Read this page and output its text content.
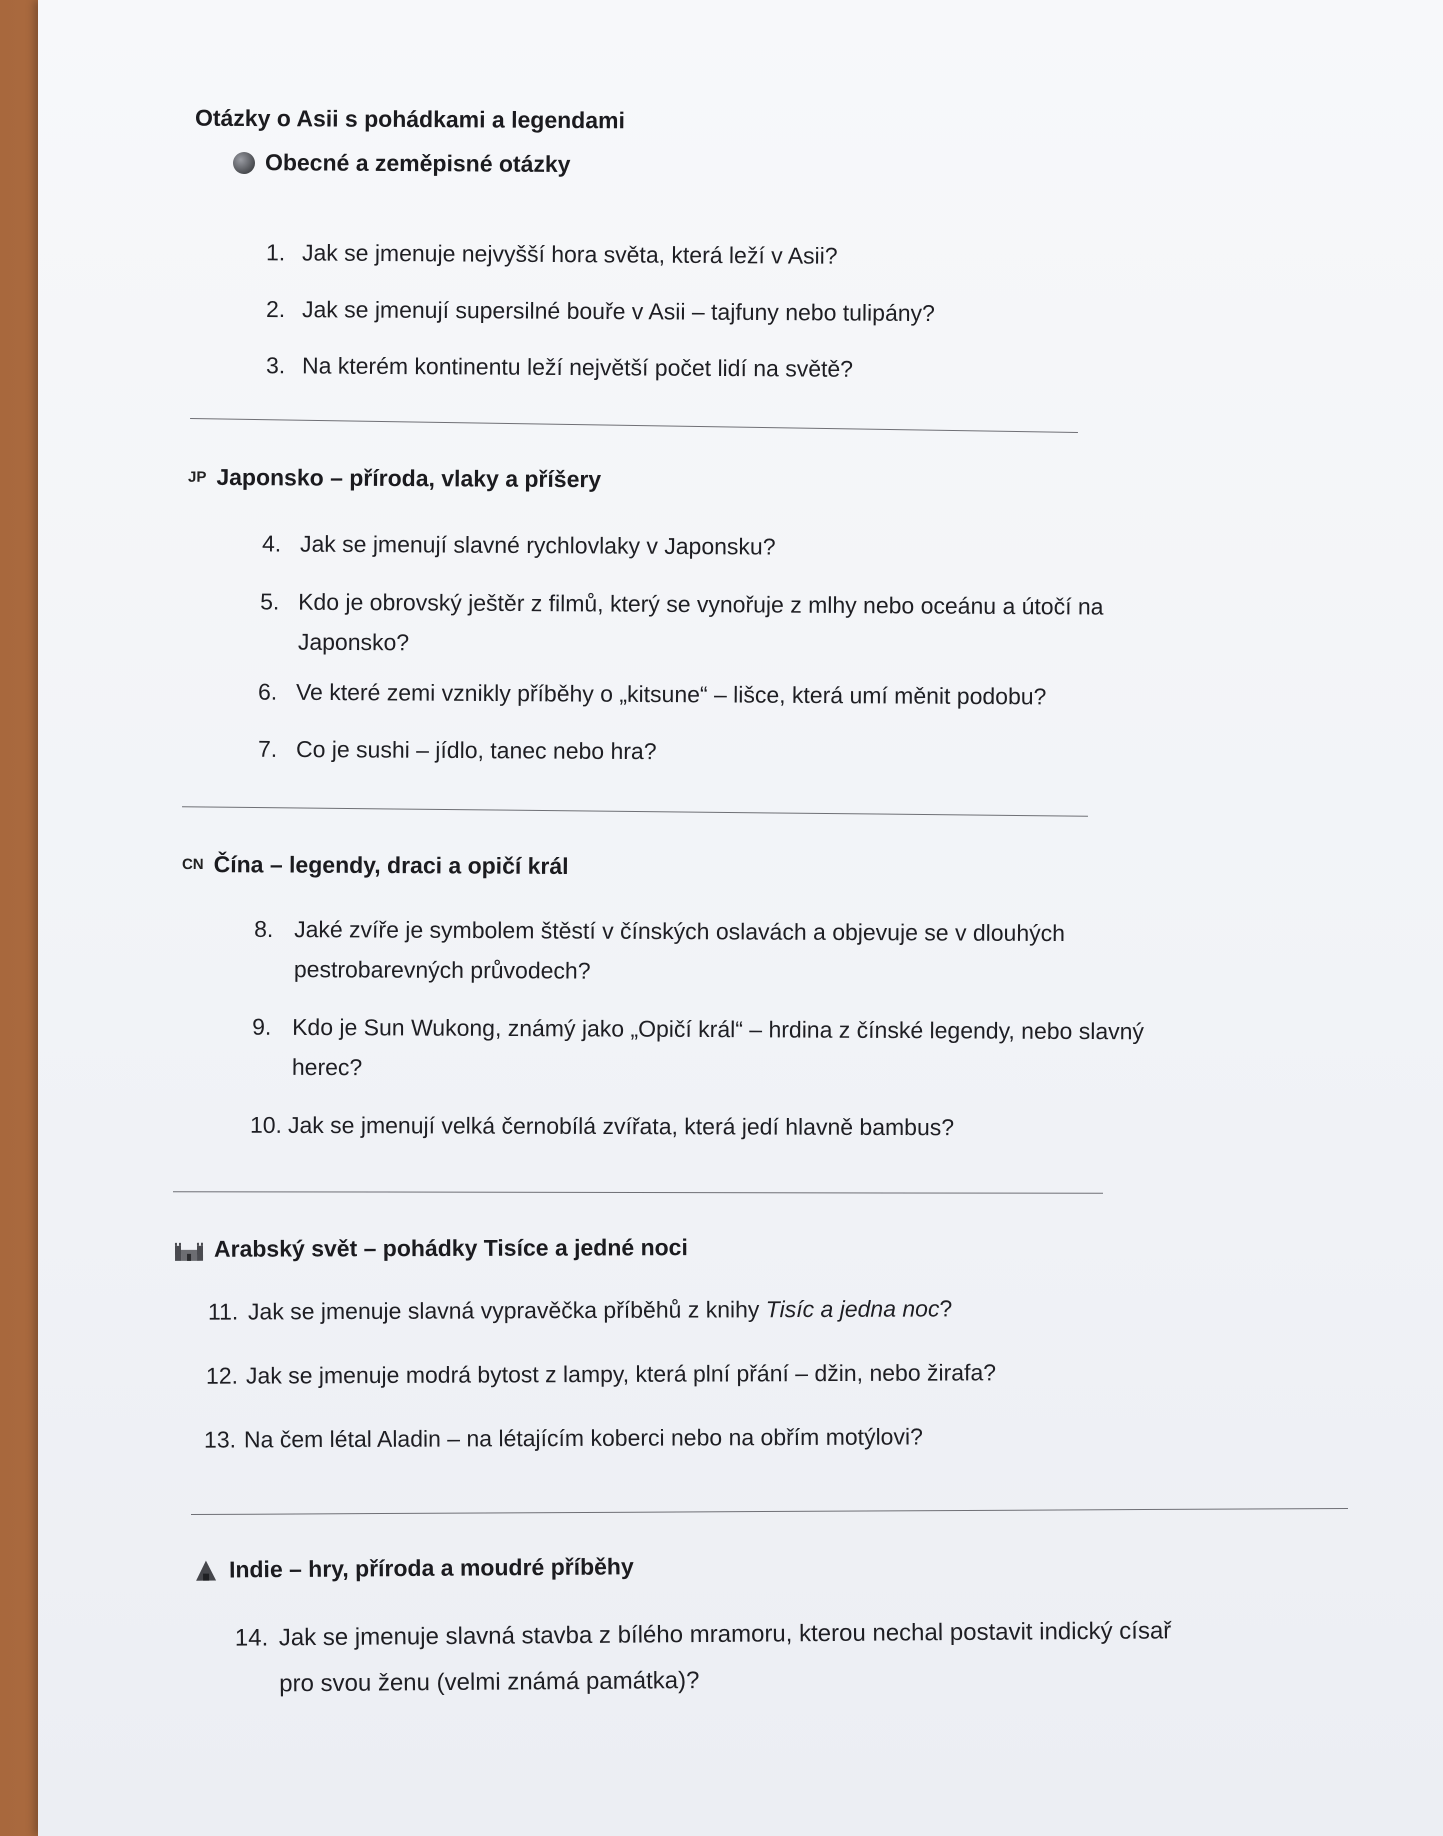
Otázky o Asii s pohádkami a legendami
Obecné a zeměpisné otázky
1. Jak se jmenuje nejvyšší hora světa, která leží v Asii?
2. Jak se jmenují supersilné bouře v Asii – tajfuny nebo tulipány?
3. Na kterém kontinentu leží největší počet lidí na světě?
JP Japonsko – příroda, vlaky a příšery
4. Jak se jmenují slavné rychlovlaky v Japonsku?
5. Kdo je obrovský ještěr z filmů, který se vynořuje z mlhy nebo oceánu a útočí na
Japonsko?
6. Ve které zemi vznikly příběhy o „kitsune“ – lišce, která umí měnit podobu?
7. Co je sushi – jídlo, tanec nebo hra?
CN Čína – legendy, draci a opičí král
8. Jaké zvíře je symbolem štěstí v čínských oslavách a objevuje se v dlouhých
pestrobarevných průvodech?
9. Kdo je Sun Wukong, známý jako „Opičí král“ – hrdina z čínské legendy, nebo slavný
herec?
10. Jak se jmenují velká černobílá zvířata, která jedí hlavně bambus?
Arabský svět – pohádky Tisíce a jedné noci
11. Jak se jmenuje slavná vypravěčka příběhů z knihy Tisíc a jedna noc?
12. Jak se jmenuje modrá bytost z lampy, která plní přání – džin, nebo žirafa?
13. Na čem létal Aladin – na létajícím koberci nebo na obřím motýlovi?
Indie – hry, příroda a moudré příběhy
14. Jak se jmenuje slavná stavba z bílého mramoru, kterou nechal postavit indický císař
pro svou ženu (velmi známá památka)?
